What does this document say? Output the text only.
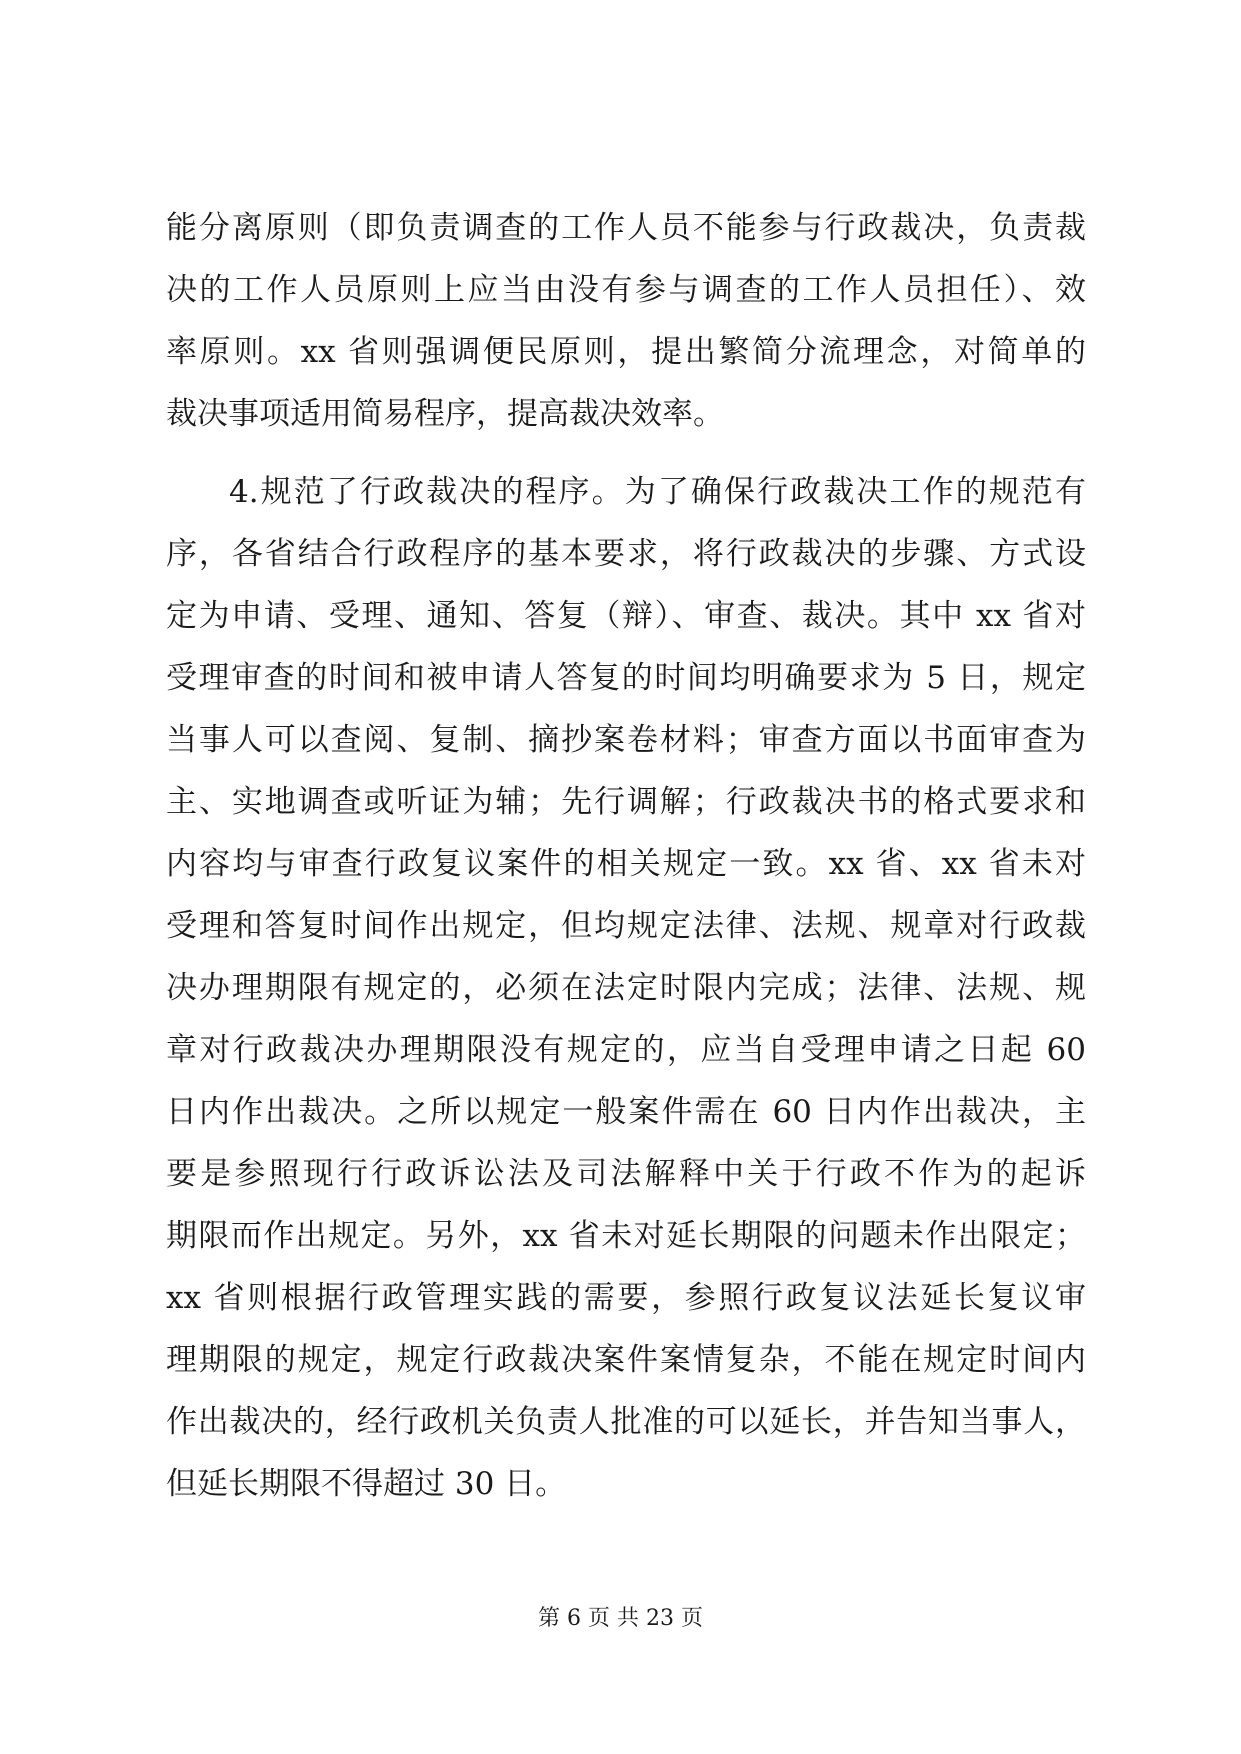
能分离原则（即负责调查的工作人员不能参与行政裁决，负责裁
决的工作人员原则上应当由没有参与调查的工作人员担任）、效
率原则。xx 省则强调便民原则，提出繁简分流理念，对简单的
裁决事项适用简易程序，提高裁决效率。
4.规范了行政裁决的程序。为了确保行政裁决工作的规范有
序，各省结合行政程序的基本要求，将行政裁决的步骤、方式设
定为申请、受理、通知、答复（辩）、审查、裁决。其中 xx 省对
受理审查的时间和被申请人答复的时间均明确要求为 5 日，规定
当事人可以查阅、复制、摘抄案卷材料；审查方面以书面审查为
主、实地调查或听证为辅；先行调解；行政裁决书的格式要求和
内容均与审查行政复议案件的相关规定一致。xx 省、xx 省未对
受理和答复时间作出规定，但均规定法律、法规、规章对行政裁
决办理期限有规定的，必须在法定时限内完成；法律、法规、规
章对行政裁决办理期限没有规定的，应当自受理申请之日起 60
日内作出裁决。之所以规定一般案件需在 60 日内作出裁决，主
要是参照现行行政诉讼法及司法解释中关于行政不作为的起诉
期限而作出规定。另外，xx 省未对延长期限的问题未作出限定；
xx 省则根据行政管理实践的需要，参照行政复议法延长复议审
理期限的规定，规定行政裁决案件案情复杂，不能在规定时间内
作出裁决的，经行政机关负责人批准的可以延长，并告知当事人，
但延长期限不得超过 30 日。
第 6 页 共 23 页
